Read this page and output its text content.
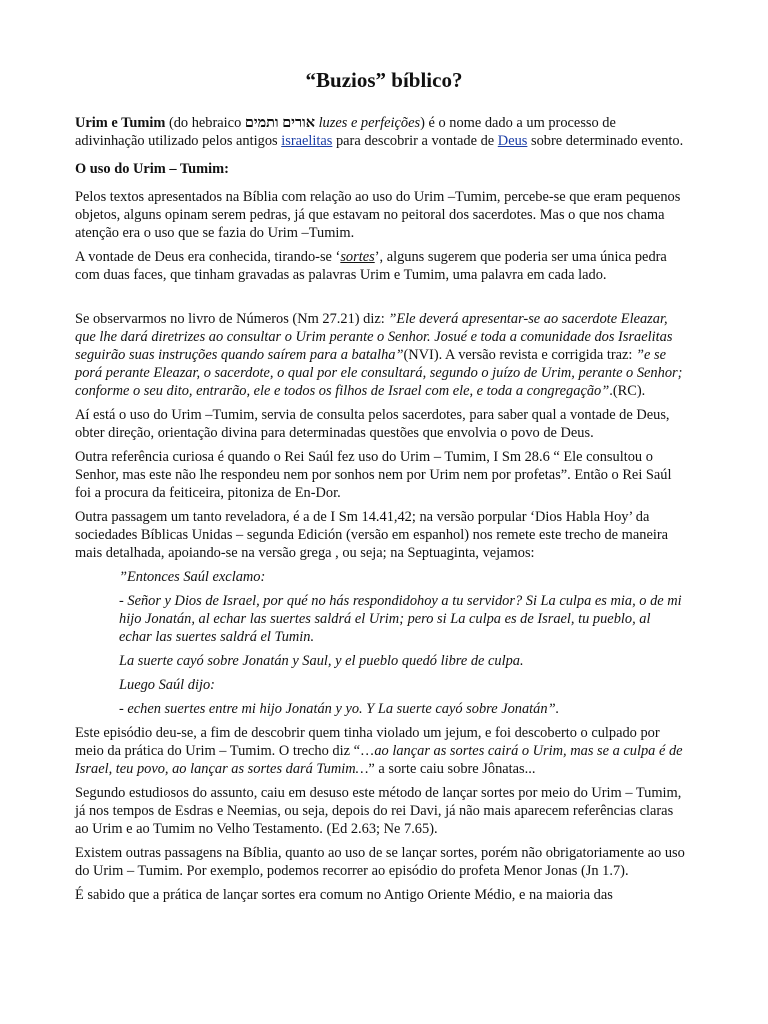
“Buzios” bíblico?

Urim e Tumim (do hebraico אורים ותמים luzes e perfeições) é o nome dado a um processo de adivinhação utilizado pelos antigos israelitas para descobrir a vontade de Deus sobre determinado evento.

O uso do Urim – Tumim:

Pelos textos apresentados na Bíblia com relação ao uso do Urim –Tumim, percebe-se que eram pequenos objetos, alguns opinam serem pedras, já que estavam no peitoral dos sacerdotes. Mas o que nos chama atenção era o uso que se fazia do Urim –Tumim.

A vontade de Deus era conhecida, tirando-se ‘sortes’, alguns sugerem que poderia ser uma única pedra com duas faces, que tinham gravadas as palavras Urim e Tumim, uma palavra em cada lado.

Se observarmos no livro de Números (Nm 27.21) diz: ”Ele deverá apresentar-se ao sacerdote Eleazar, que lhe dará diretrizes ao consultar o Urim perante o Senhor. Josué e toda a comunidade dos Israelitas seguirão suas instruções quando saírem para a batalha”(NVI). A versão revista e corrigida traz: ”e se porá perante Eleazar, o sacerdote, o qual por ele consultará, segundo o juízo de Urim, perante o Senhor; conforme o seu dito, entrarão, ele e todos os filhos de Israel com ele, e toda a congregação”.(RC).

Aí está o uso do Urim –Tumim, servia de consulta pelos sacerdotes, para saber qual a vontade de Deus, obter direção, orientação divina para determinadas questões que envolvia o povo de Deus.

Outra referência curiosa é quando o Rei Saúl fez uso do Urim – Tumim, I Sm 28.6 “ Ele consultou o Senhor, mas este não lhe respondeu nem por sonhos nem por Urim nem por profetas”. Então o Rei Saúl foi a procura da feiticeira, pitoniza de En-Dor.

Outra passagem um tanto reveladora, é a de I Sm 14.41,42; na versão porpular ‘Dios Habla Hoy’ da sociedades Bíblicas Unidas – segunda Edición (versão em espanhol) nos remete este trecho de maneira mais detalhada, apoiando-se na versão grega , ou seja; na Septuaginta, vejamos:

”Entonces Saúl exclamo:

- Señor y Dios de Israel, por qué no hás respondidohoy a tu servidor? Si La culpa es mia, o de mi hijo Jonatán, al echar las suertes saldrá el Urim; pero si La culpa es de Israel, tu pueblo, al echar las suertes saldrá el Tumin.

La suerte cayó sobre Jonatán y Saul, y el pueblo quedó libre de culpa.

Luego Saúl dijo:

- echen suertes entre mi hijo Jonatán y yo. Y La suerte cayó sobre Jonatán”.

Este episódio deu-se, a fim de descobrir quem tinha violado um jejum, e foi descoberto o culpado por meio da prática do Urim – Tumim. O trecho diz “…ao lançar as sortes cairá o Urim, mas se a culpa é de Israel, teu povo, ao lançar as sortes dará Tumim…” a sorte caiu sobre Jônatas...

Segundo estudiosos do assunto, caiu em desuso este método de lançar sortes por meio do Urim – Tumim, já nos tempos de Esdras e Neemias, ou seja, depois do rei Davi, já não mais aparecem referências claras ao Urim e ao Tumim no Velho Testamento. (Ed 2.63; Ne 7.65).

Existem outras passagens na Bíblia, quanto ao uso de se lançar sortes, porém não obrigatoriamente ao uso do Urim – Tumim. Por exemplo, podemos recorrer ao episódio do profeta Menor Jonas (Jn 1.7).

É sabido que a prática de lançar sortes era comum no Antigo Oriente Médio, e na maioria das
